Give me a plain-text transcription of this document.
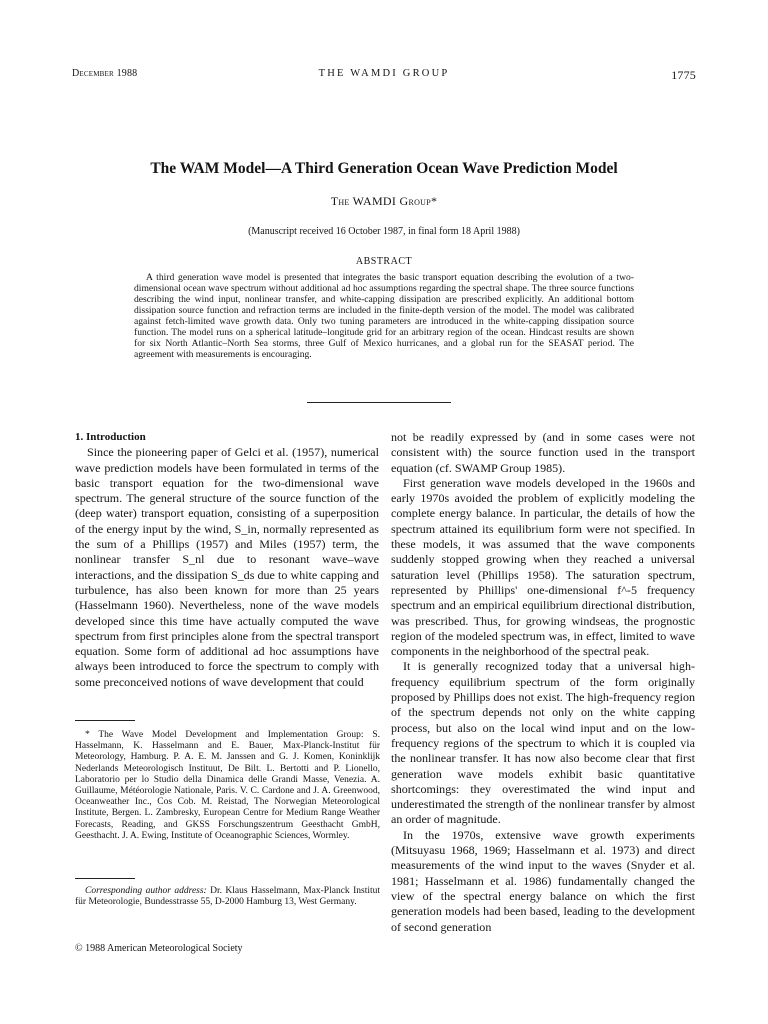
December 1988	THE WAMDI GROUP	1775
The WAM Model—A Third Generation Ocean Wave Prediction Model
The WAMDI Group*
(Manuscript received 16 October 1987, in final form 18 April 1988)
ABSTRACT
A third generation wave model is presented that integrates the basic transport equation describing the evolution of a two-dimensional ocean wave spectrum without additional ad hoc assumptions regarding the spectral shape. The three source functions describing the wind input, nonlinear transfer, and white-capping dissipation are prescribed explicitly. An additional bottom dissipation source function and refraction terms are included in the finite-depth version of the model. The model was calibrated against fetch-limited wave growth data. Only two tuning parameters are introduced in the white-capping dissipation source function. The model runs on a spherical latitude–longitude grid for an arbitrary region of the ocean. Hindcast results are shown for six North Atlantic–North Sea storms, three Gulf of Mexico hurricanes, and a global run for the SEASAT period. The agreement with measurements is encouraging.

1. Introduction

Since the pioneering paper of Gelci et al. (1957), numerical wave prediction models have been formulated in terms of the basic transport equation for the two-dimensional wave spectrum. The general structure of the source function of the (deep water) transport equation, consisting of a superposition of the energy input by the wind, S_in, normally represented as the sum of a Phillips (1957) and Miles (1957) term, the nonlinear transfer S_nl due to resonant wave–wave interactions, and the dissipation S_ds due to white capping and turbulence, has also been known for more than 25 years (Hasselmann 1960). Nevertheless, none of the wave models developed since this time have actually computed the wave spectrum from first principles alone from the spectral transport equation. Some form of additional ad hoc assumptions have always been introduced to force the spectrum to comply with some preconceived notions of wave development that could

not be readily expressed by (and in some cases were not consistent with) the source function used in the transport equation (cf. SWAMP Group 1985).

First generation wave models developed in the 1960s and early 1970s avoided the problem of explicitly modeling the complete energy balance. In particular, the details of how the spectrum attained its equilibrium form were not specified. In these models, it was assumed that the wave components suddenly stopped growing when they reached a universal saturation level (Phillips 1958). The saturation spectrum, represented by Phillips' one-dimensional f^-5 frequency spectrum and an empirical equilibrium directional distribution, was prescribed. Thus, for growing windseas, the prognostic region of the modeled spectrum was, in effect, limited to wave components in the neighborhood of the spectral peak.

It is generally recognized today that a universal high-frequency equilibrium spectrum of the form originally proposed by Phillips does not exist. The high-frequency region of the spectrum depends not only on the white capping process, but also on the local wind input and on the low-frequency regions of the spectrum to which it is coupled via the nonlinear transfer. It has now also become clear that first generation wave models exhibit basic quantitative shortcomings: they overestimated the wind input and underestimated the strength of the nonlinear transfer by almost an order of magnitude.

In the 1970s, extensive wave growth experiments (Mitsuyasu 1968, 1969; Hasselmann et al. 1973) and direct measurements of the wind input to the waves (Snyder et al. 1981; Hasselmann et al. 1986) fundamentally changed the view of the spectral energy balance on which the first generation models had been based, leading to the development of second generation

* The Wave Model Development and Implementation Group: S. Hasselmann, K. Hasselmann and E. Bauer, Max-Planck-Institut für Meteorology, Hamburg. P. A. E. M. Janssen and G. J. Komen, Koninklijk Nederlands Meteorologisch Instituut, De Bilt. L. Bertotti and P. Lionello, Laboratorio per lo Studio della Dinamica delle Grandi Masse, Venezia. A. Guillaume, Météorologie Nationale, Paris. V. C. Cardone and J. A. Greenwood, Oceanweather Inc., Cos Cob. M. Reistad, The Norwegian Meteorological Institute, Bergen. L. Zambresky, European Centre for Medium Range Weather Forecasts, Reading, and GKSS Forschungszentrum Geesthacht GmbH, Geesthacht. J. A. Ewing, Institute of Oceanographic Sciences, Wormley.

Corresponding author address: Dr. Klaus Hasselmann, Max-Planck Institut für Meteorologie, Bundesstrasse 55, D-2000 Hamburg 13, West Germany.

© 1988 American Meteorological Society
